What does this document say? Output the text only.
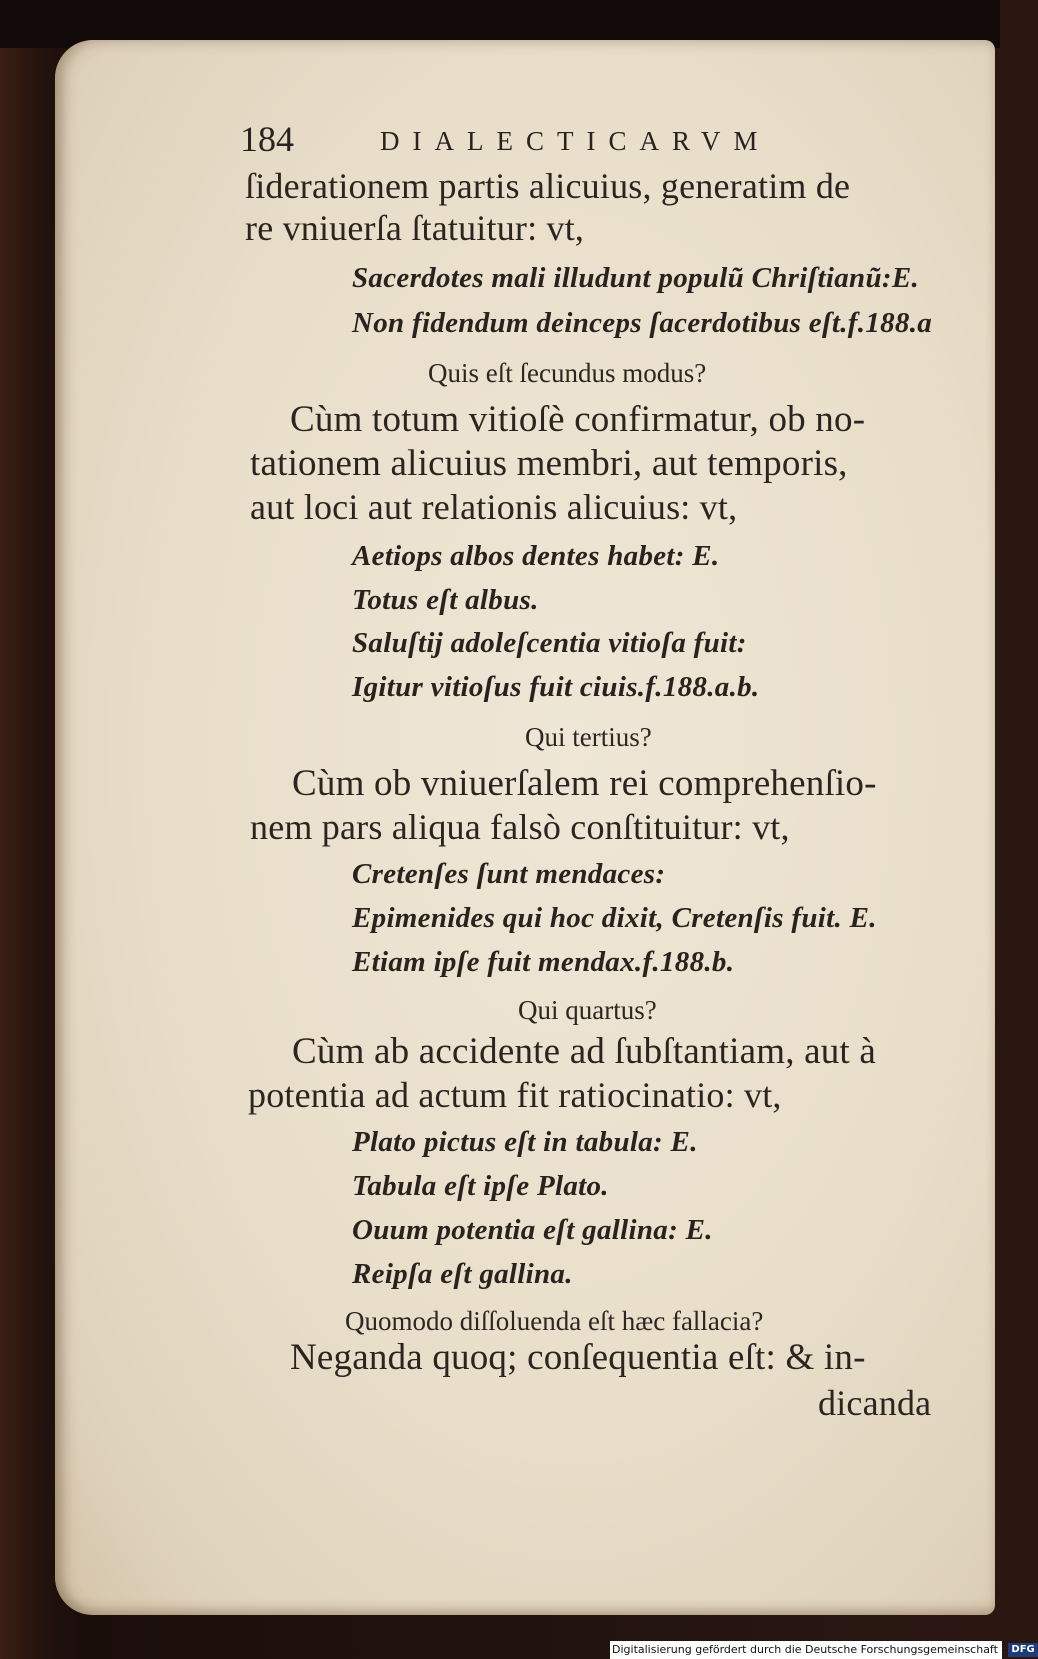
184	DIALECTICARVM
ſiderationem partis alicuius, generatim de
re vniuerſa ſtatuitur: vt,
Sacerdotes mali illudunt populũ Chriſtianũ:E.
Non fidendum deinceps ſacerdotibus eſt.f.188.a
Quis eſt ſecundus modus?
Cùm totum vitioſè confirmatur, ob no-
tationem alicuius membri, aut temporis,
aut loci aut relationis alicuius: vt,
Aetiops albos dentes habet: E.
Totus eſt albus.
Saluſtij adoleſcentia vitioſa fuit:
Igitur vitioſus fuit ciuis.f.188.a.b.
Qui tertius?
Cùm ob vniuerſalem rei comprehenſio-
nem pars aliqua falsò conſtituitur: vt,
Cretenſes ſunt mendaces:
Epimenides qui hoc dixit, Cretenſis fuit. E.
Etiam ipſe fuit mendax.f.188.b.
Qui quartus?
Cùm ab accidente ad ſubſtantiam, aut à
potentia ad actum fit ratiocinatio: vt,
Plato pictus eſt in tabula: E.
Tabula eſt ipſe Plato.
Ouum potentia eſt gallina: E.
Reipſa eſt gallina.
Quomodo diſſoluenda eſt hæc fallacia?
Neganda quoq; conſequentia eſt: & in-
dicanda
Digitalisierung gefördert durch die Deutsche Forschungsgemeinschaft - DFG
